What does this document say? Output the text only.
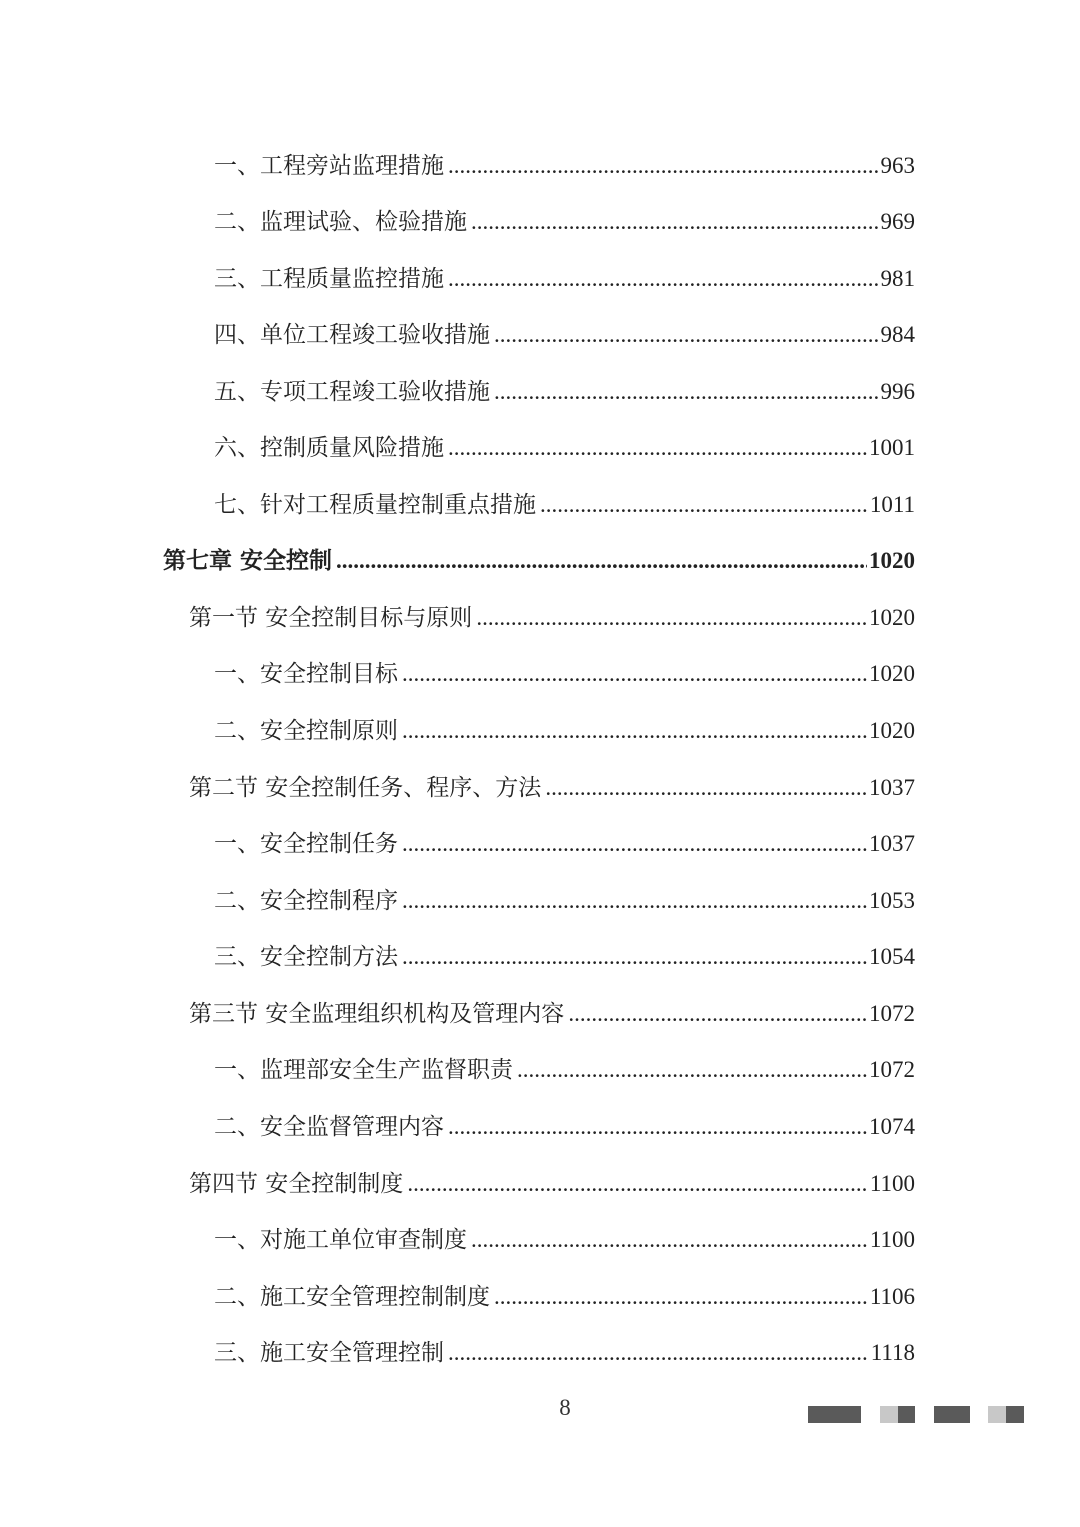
一、工程旁站监理措施 .....	963
二、监理试验、检验措施 .....	969
三、工程质量监控措施 .....	981
四、单位工程竣工验收措施 .....	984
五、专项工程竣工验收措施 .....	996
六、控制质量风险措施 .....	1001
七、针对工程质量控制重点措施 .....	1011
第七章 安全控制 .....	1020
第一节 安全控制目标与原则 .....	1020
一、安全控制目标 .....	1020
二、安全控制原则 .....	1020
第二节 安全控制任务、程序、方法 .....	1037
一、安全控制任务 .....	1037
二、安全控制程序 .....	1053
三、安全控制方法 .....	1054
第三节 安全监理组织机构及管理内容 .....	1072
一、监理部安全生产监督职责 .....	1072
二、安全监督管理内容 .....	1074
第四节 安全控制制度 .....	1100
一、对施工单位审查制度 .....	1100
二、施工安全管理控制制度 .....	1106
三、施工安全管理控制 .....	1118
8
